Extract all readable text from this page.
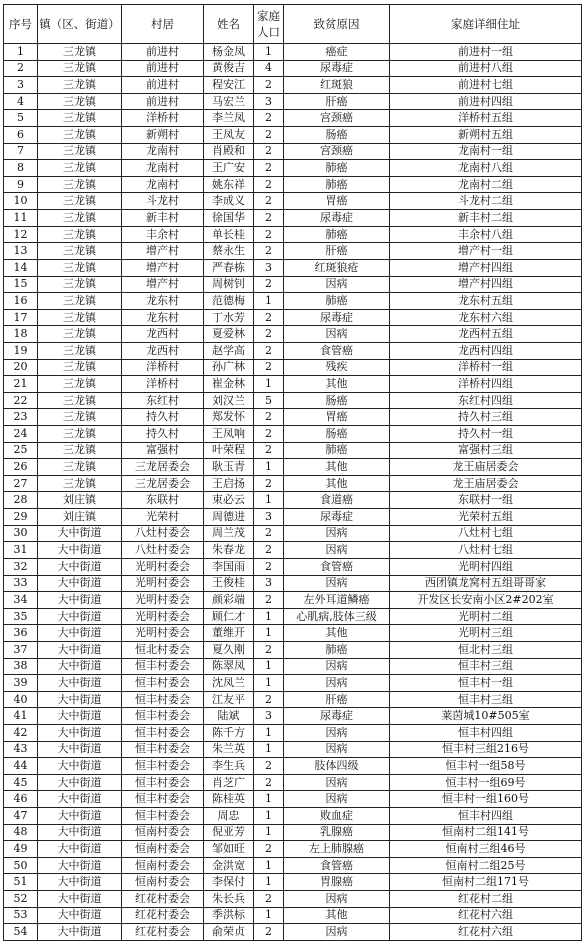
序号	镇（区、街道）	村居	姓名	家庭人口	致贫原因	家庭详细住址
1	三龙镇	前进村	杨金凤	1	癌症	前进村一组
2	三龙镇	前进村	黄俊吉	4	尿毒症	前进村八组
3	三龙镇	前进村	程安江	2	红斑狼	前进村七组
4	三龙镇	前进村	马宏兰	3	肝癌	前进村四组
5	三龙镇	洋桥村	李兰凤	2	宫颈癌	洋桥村五组
6	三龙镇	新朔村	王凤友	2	肠癌	新朔村五组
7	三龙镇	龙南村	肖殿和	2	宫颈癌	龙南村一组
8	三龙镇	龙南村	王广安	2	肺癌	龙南村八组
9	三龙镇	龙南村	姚东祥	2	肺癌	龙南村二组
10	三龙镇	斗龙村	李成义	2	胃癌	斗龙村二组
11	三龙镇	新丰村	徐国华	2	尿毒症	新丰村二组
12	三龙镇	丰余村	单长桂	2	肺癌	丰余村八组
13	三龙镇	增产村	蔡永生	2	肝癌	增产村一组
14	三龙镇	增产村	严春栋	3	红斑狼疮	增产村四组
15	三龙镇	增产村	周树钊	2	因病	增产村四组
16	三龙镇	龙东村	范德梅	1	肺癌	龙东村五组
17	三龙镇	龙东村	丁水芳	2	尿毒症	龙东村六组
18	三龙镇	龙西村	夏爱林	2	因病	龙西村五组
19	三龙镇	龙西村	赵学高	2	食管癌	龙西村四组
20	三龙镇	洋桥村	孙广林	2	残疾	洋桥村一组
21	三龙镇	洋桥村	崔金林	1	其他	洋桥村四组
22	三龙镇	东红村	刘汉兰	5	肠癌	东红村四组
23	三龙镇	持久村	郑发怀	2	胃癌	持久村三组
24	三龙镇	持久村	王凤响	2	肠癌	持久村一组
25	三龙镇	富强村	叶荣程	2	肺癌	富强村三组
26	三龙镇	三龙居委会	耿玉青	1	其他	龙王庙居委会
27	三龙镇	三龙居委会	王启扬	2	其他	龙王庙居委会
28	刘庄镇	东联村	束必云	1	食道癌	东联村一组
29	刘庄镇	光荣村	周德进	3	尿毒症	光荣村五组
30	大中街道	八灶村委会	周兰茂	2	因病	八灶村七组
31	大中街道	八灶村委会	朱春龙	2	因病	八灶村七组
32	大中街道	光明村委会	李国雨	2	食管癌	光明村四组
33	大中街道	光明村委会	王俊桂	3	因病	西团镇龙窝村五组哥哥家
34	大中街道	光明村委会	颜彩端	2	左外耳道鳞癌	开发区长安南小区2#202室
35	大中街道	光明村委会	顾仁才	1	心肌病,肢体三级	光明村二组
36	大中街道	光明村委会	董维开	1	其他	光明村三组
37	大中街道	恒北村委会	夏久刚	2	肺癌	恒北村三组
38	大中街道	恒丰村委会	陈翠凤	1	因病	恒丰村三组
39	大中街道	恒丰村委会	沈凤兰	1	因病	恒丰村一组
40	大中街道	恒丰村委会	江友平	2	肝癌	恒丰村三组
41	大中街道	恒丰村委会	陆斌	3	尿毒症	莱茵城10#505室
42	大中街道	恒丰村委会	陈千方	1	因病	恒丰村四组
43	大中街道	恒丰村委会	朱兰英	1	因病	恒丰村三组216号
44	大中街道	恒丰村委会	李生兵	2	肢体四级	恒丰村一组58号
45	大中街道	恒丰村委会	肖芝广	2	因病	恒丰村一组69号
46	大中街道	恒丰村委会	陈桂英	1	因病	恒丰村一组160号
47	大中街道	恒丰村委会	周忠	1	败血症	恒丰村四组
48	大中街道	恒南村委会	倪亚芳	1	乳腺癌	恒南村二组141号
49	大中街道	恒南村委会	邹如旺	2	左上肺腺癌	恒南村三组46号
50	大中街道	恒南村委会	金洪宽	1	食管癌	恒南村二组25号
51	大中街道	恒南村委会	李保付	1	胃腺癌	恒南村二组171号
52	大中街道	红花村委会	朱长兵	2	因病	红花村二组
53	大中街道	红花村委会	季洪标	1	其他	红花村六组
54	大中街道	红花村委会	俞荣贞	2	因病	红花村六组
